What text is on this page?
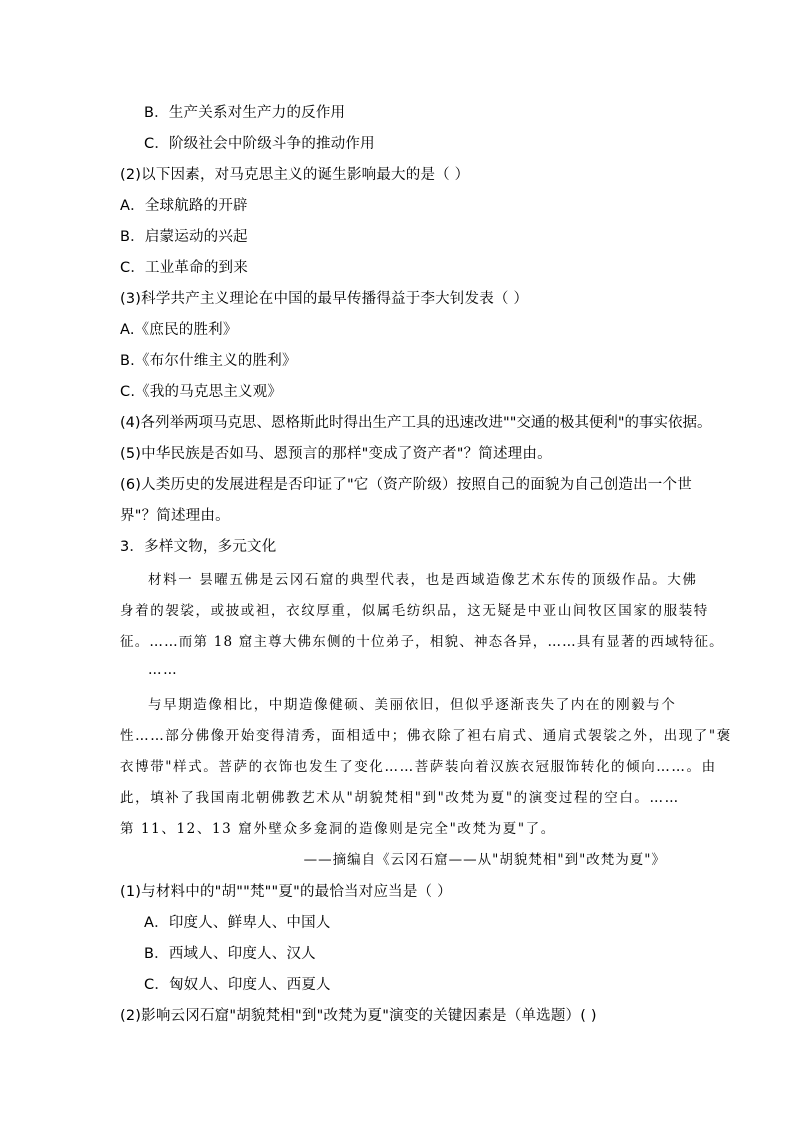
B．生产关系对生产力的反作用
C．阶级社会中阶级斗争的推动作用
(2)以下因素，对马克思主义的诞生影响最大的是（ ）
A．全球航路的开辟
B．启蒙运动的兴起
C．工业革命的到来
(3)科学共产主义理论在中国的最早传播得益于李大钊发表（ ）
A.《庶民的胜利》
B.《布尔什维主义的胜利》
C.《我的马克思主义观》
(4)各列举两项马克思、恩格斯此时得出生产工具的迅速改进""交通的极其便利"的事实依据。
(5)中华民族是否如马、恩预言的那样"变成了资产者"？简述理由。
(6)人类历史的发展进程是否印证了"它（资产阶级）按照自己的面貌为自己创造出一个世
界"？简述理由。
3．多样文物，多元文化
材料一 昙曜五佛是云冈石窟的典型代表，也是西域造像艺术东传的顶级作品。大佛
身着的袈裟，或披或袒，衣纹厚重，似属毛纺织品，这无疑是中亚山间牧区国家的服装特
征。……而第 18 窟主尊大佛东侧的十位弟子，相貌、神态各异，……具有显著的西域特征。
……
与早期造像相比，中期造像健硕、美丽依旧，但似乎逐渐丧失了内在的刚毅与个
性……部分佛像开始变得清秀，面相适中；佛衣除了袒右肩式、通肩式袈裟之外，出现了"褒
衣博带"样式。菩萨的衣饰也发生了变化……菩萨装向着汉族衣冠服饰转化的倾向……。由
此，填补了我国南北朝佛教艺术从"胡貌梵相"到"改梵为夏"的演变过程的空白。……
第 11、12、13 窟外壁众多龛洞的造像则是完全"改梵为夏"了。
——摘编自《云冈石窟——从"胡貌梵相"到"改梵为夏"》
(1)与材料中的"胡""梵""夏"的最恰当对应当是（ ）
A．印度人、鲜卑人、中国人
B．西域人、印度人、汉人
C．匈奴人、印度人、西夏人
(2)影响云冈石窟"胡貌梵相"到"改梵为夏"演变的关键因素是（单选题）( )
